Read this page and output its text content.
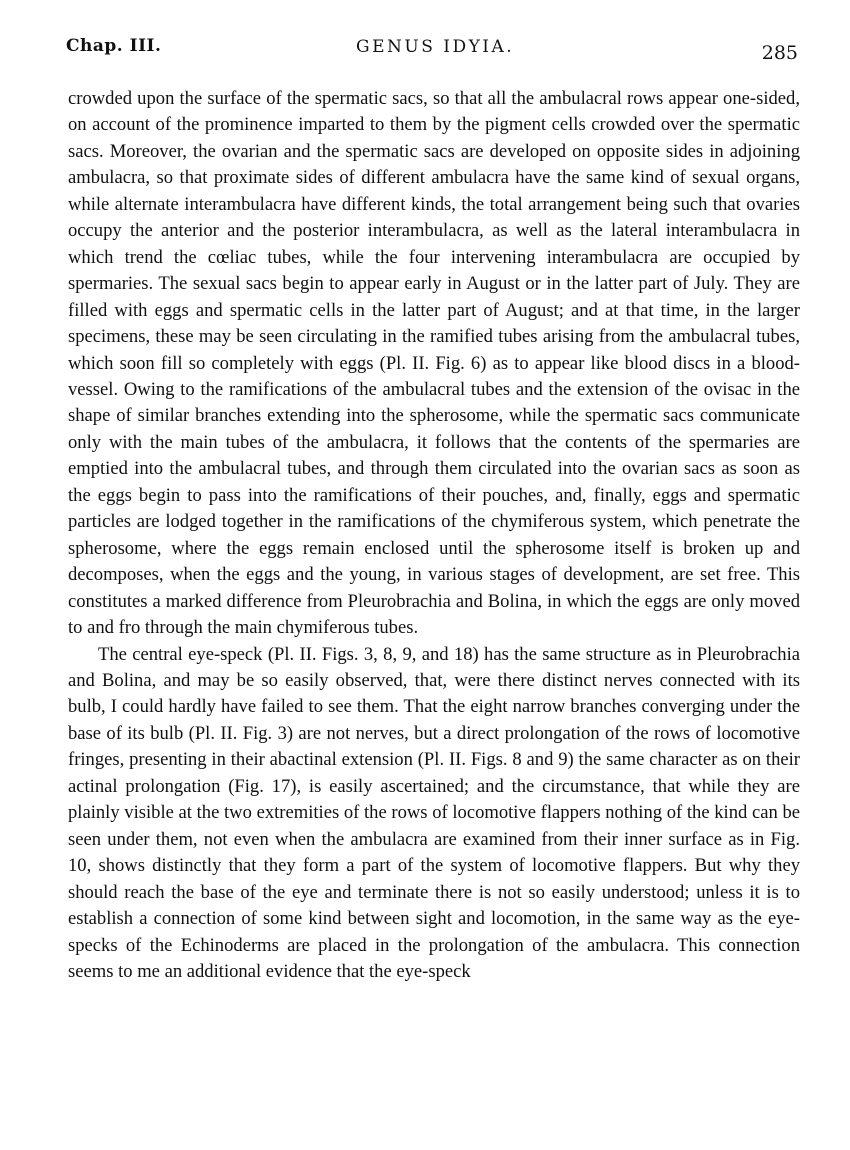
Chap. III.	GENUS IDYIA.	285

crowded upon the surface of the spermatic sacs, so that all the ambulacral rows appear one-sided, on account of the prominence imparted to them by the pigment cells crowded over the spermatic sacs. Moreover, the ovarian and the spermatic sacs are developed on opposite sides in adjoining ambulacra, so that proximate sides of different ambulacra have the same kind of sexual organs, while alternate interambulacra have different kinds, the total arrangement being such that ovaries occupy the anterior and the posterior interambulacra, as well as the lateral interambulacra in which trend the cœliac tubes, while the four intervening interambulacra are occupied by spermaries. The sexual sacs begin to appear early in August or in the latter part of July. They are filled with eggs and spermatic cells in the latter part of August; and at that time, in the larger specimens, these may be seen circulating in the ramified tubes arising from the ambulacral tubes, which soon fill so completely with eggs (Pl. II. Fig. 6) as to appear like blood discs in a blood-vessel. Owing to the ramifications of the ambulacral tubes and the extension of the ovisac in the shape of similar branches extending into the spherosome, while the spermatic sacs communicate only with the main tubes of the ambulacra, it follows that the contents of the spermaries are emptied into the ambulacral tubes, and through them circulated into the ovarian sacs as soon as the eggs begin to pass into the ramifications of their pouches, and, finally, eggs and spermatic particles are lodged together in the ramifications of the chymiferous system, which penetrate the spherosome, where the eggs remain enclosed until the spherosome itself is broken up and decomposes, when the eggs and the young, in various stages of development, are set free. This constitutes a marked difference from Pleurobrachia and Bolina, in which the eggs are only moved to and fro through the main chymiferous tubes.

The central eye-speck (Pl. II. Figs. 3, 8, 9, and 18) has the same structure as in Pleurobrachia and Bolina, and may be so easily observed, that, were there distinct nerves connected with its bulb, I could hardly have failed to see them. That the eight narrow branches converging under the base of its bulb (Pl. II. Fig. 3) are not nerves, but a direct prolongation of the rows of locomotive fringes, presenting in their abactinal extension (Pl. II. Figs. 8 and 9) the same character as on their actinal prolongation (Fig. 17), is easily ascertained; and the circumstance, that while they are plainly visible at the two extremities of the rows of locomotive flappers nothing of the kind can be seen under them, not even when the ambulacra are examined from their inner surface as in Fig. 10, shows distinctly that they form a part of the system of locomotive flappers. But why they should reach the base of the eye and terminate there is not so easily understood; unless it is to establish a connection of some kind between sight and locomotion, in the same way as the eye-specks of the Echinoderms are placed in the prolongation of the ambulacra. This connection seems to me an additional evidence that the eye-speck
